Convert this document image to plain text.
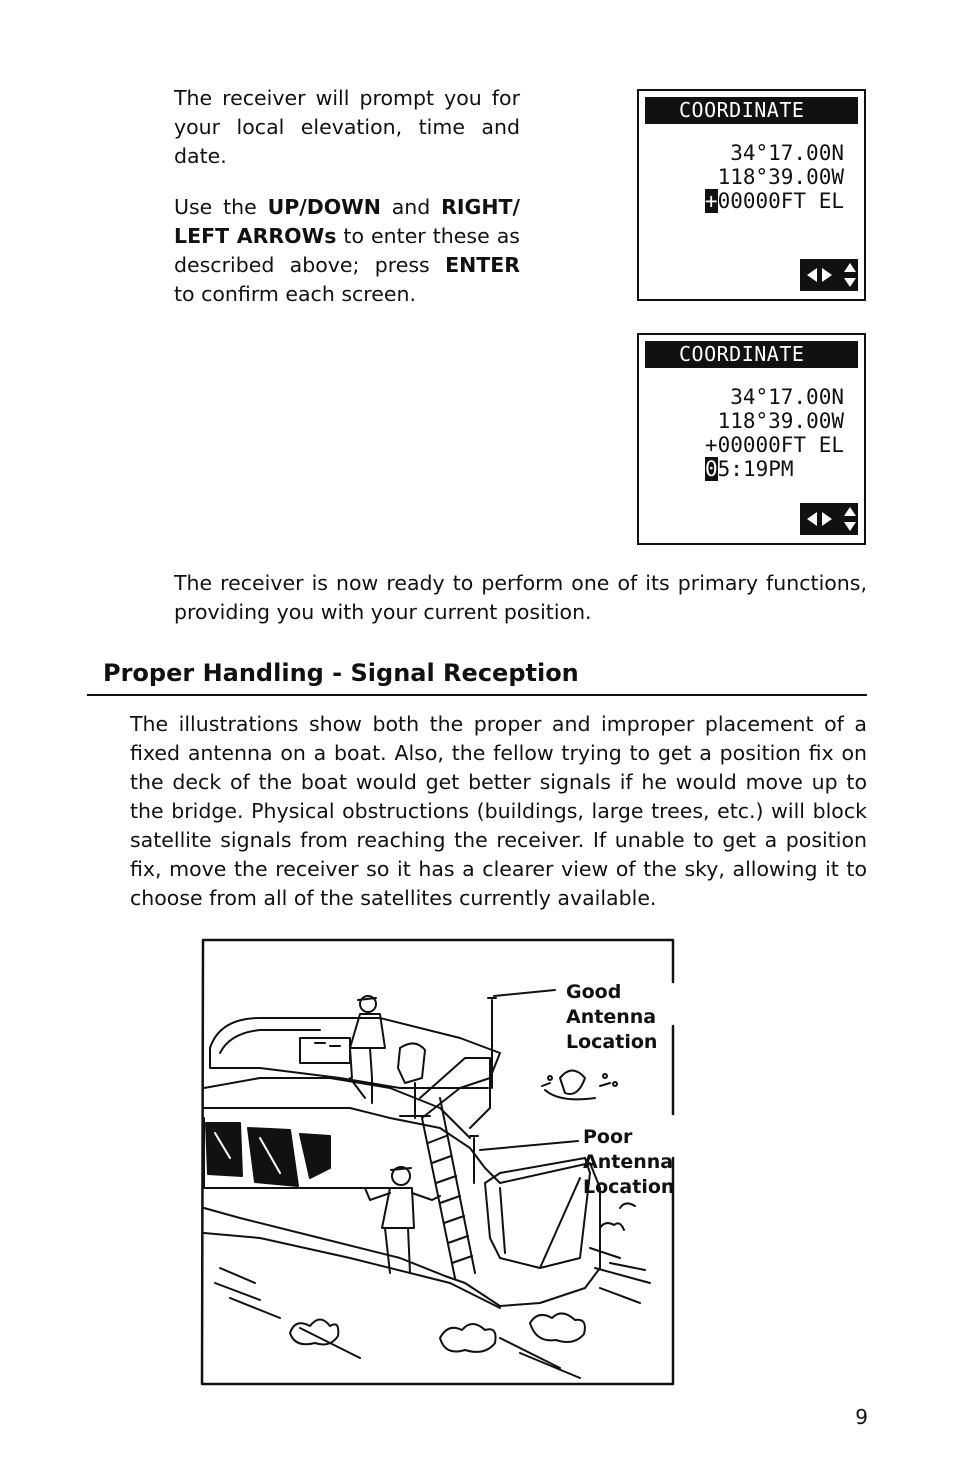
The receiver will prompt you for your local elevation, time and date.

Use the UP/DOWN and RIGHT/ LEFT ARROWs to enter these as described above; press ENTER to confirm each screen.

COORDINATE
34°17.00N
118°39.00W
+00000FT EL
COORDINATE
34°17.00N
118°39.00W
+00000FT EL
05:19PM

The receiver is now ready to perform one of its primary functions, providing you with your current position.

Proper Handling - Signal Reception

The illustrations show both the proper and improper placement of a fixed antenna on a boat. Also, the fellow trying to get a position fix on the deck of the boat would get better signals if he would move up to the bridge. Physical obstructions (buildings, large trees, etc.) will block satellite signals from reaching the receiver. If unable to get a position fix, move the receiver so it has a clearer view of the sky, allowing it to choose from all of the satellites currently available.

Good Antenna
Location

Poor Antenna
Location

9
